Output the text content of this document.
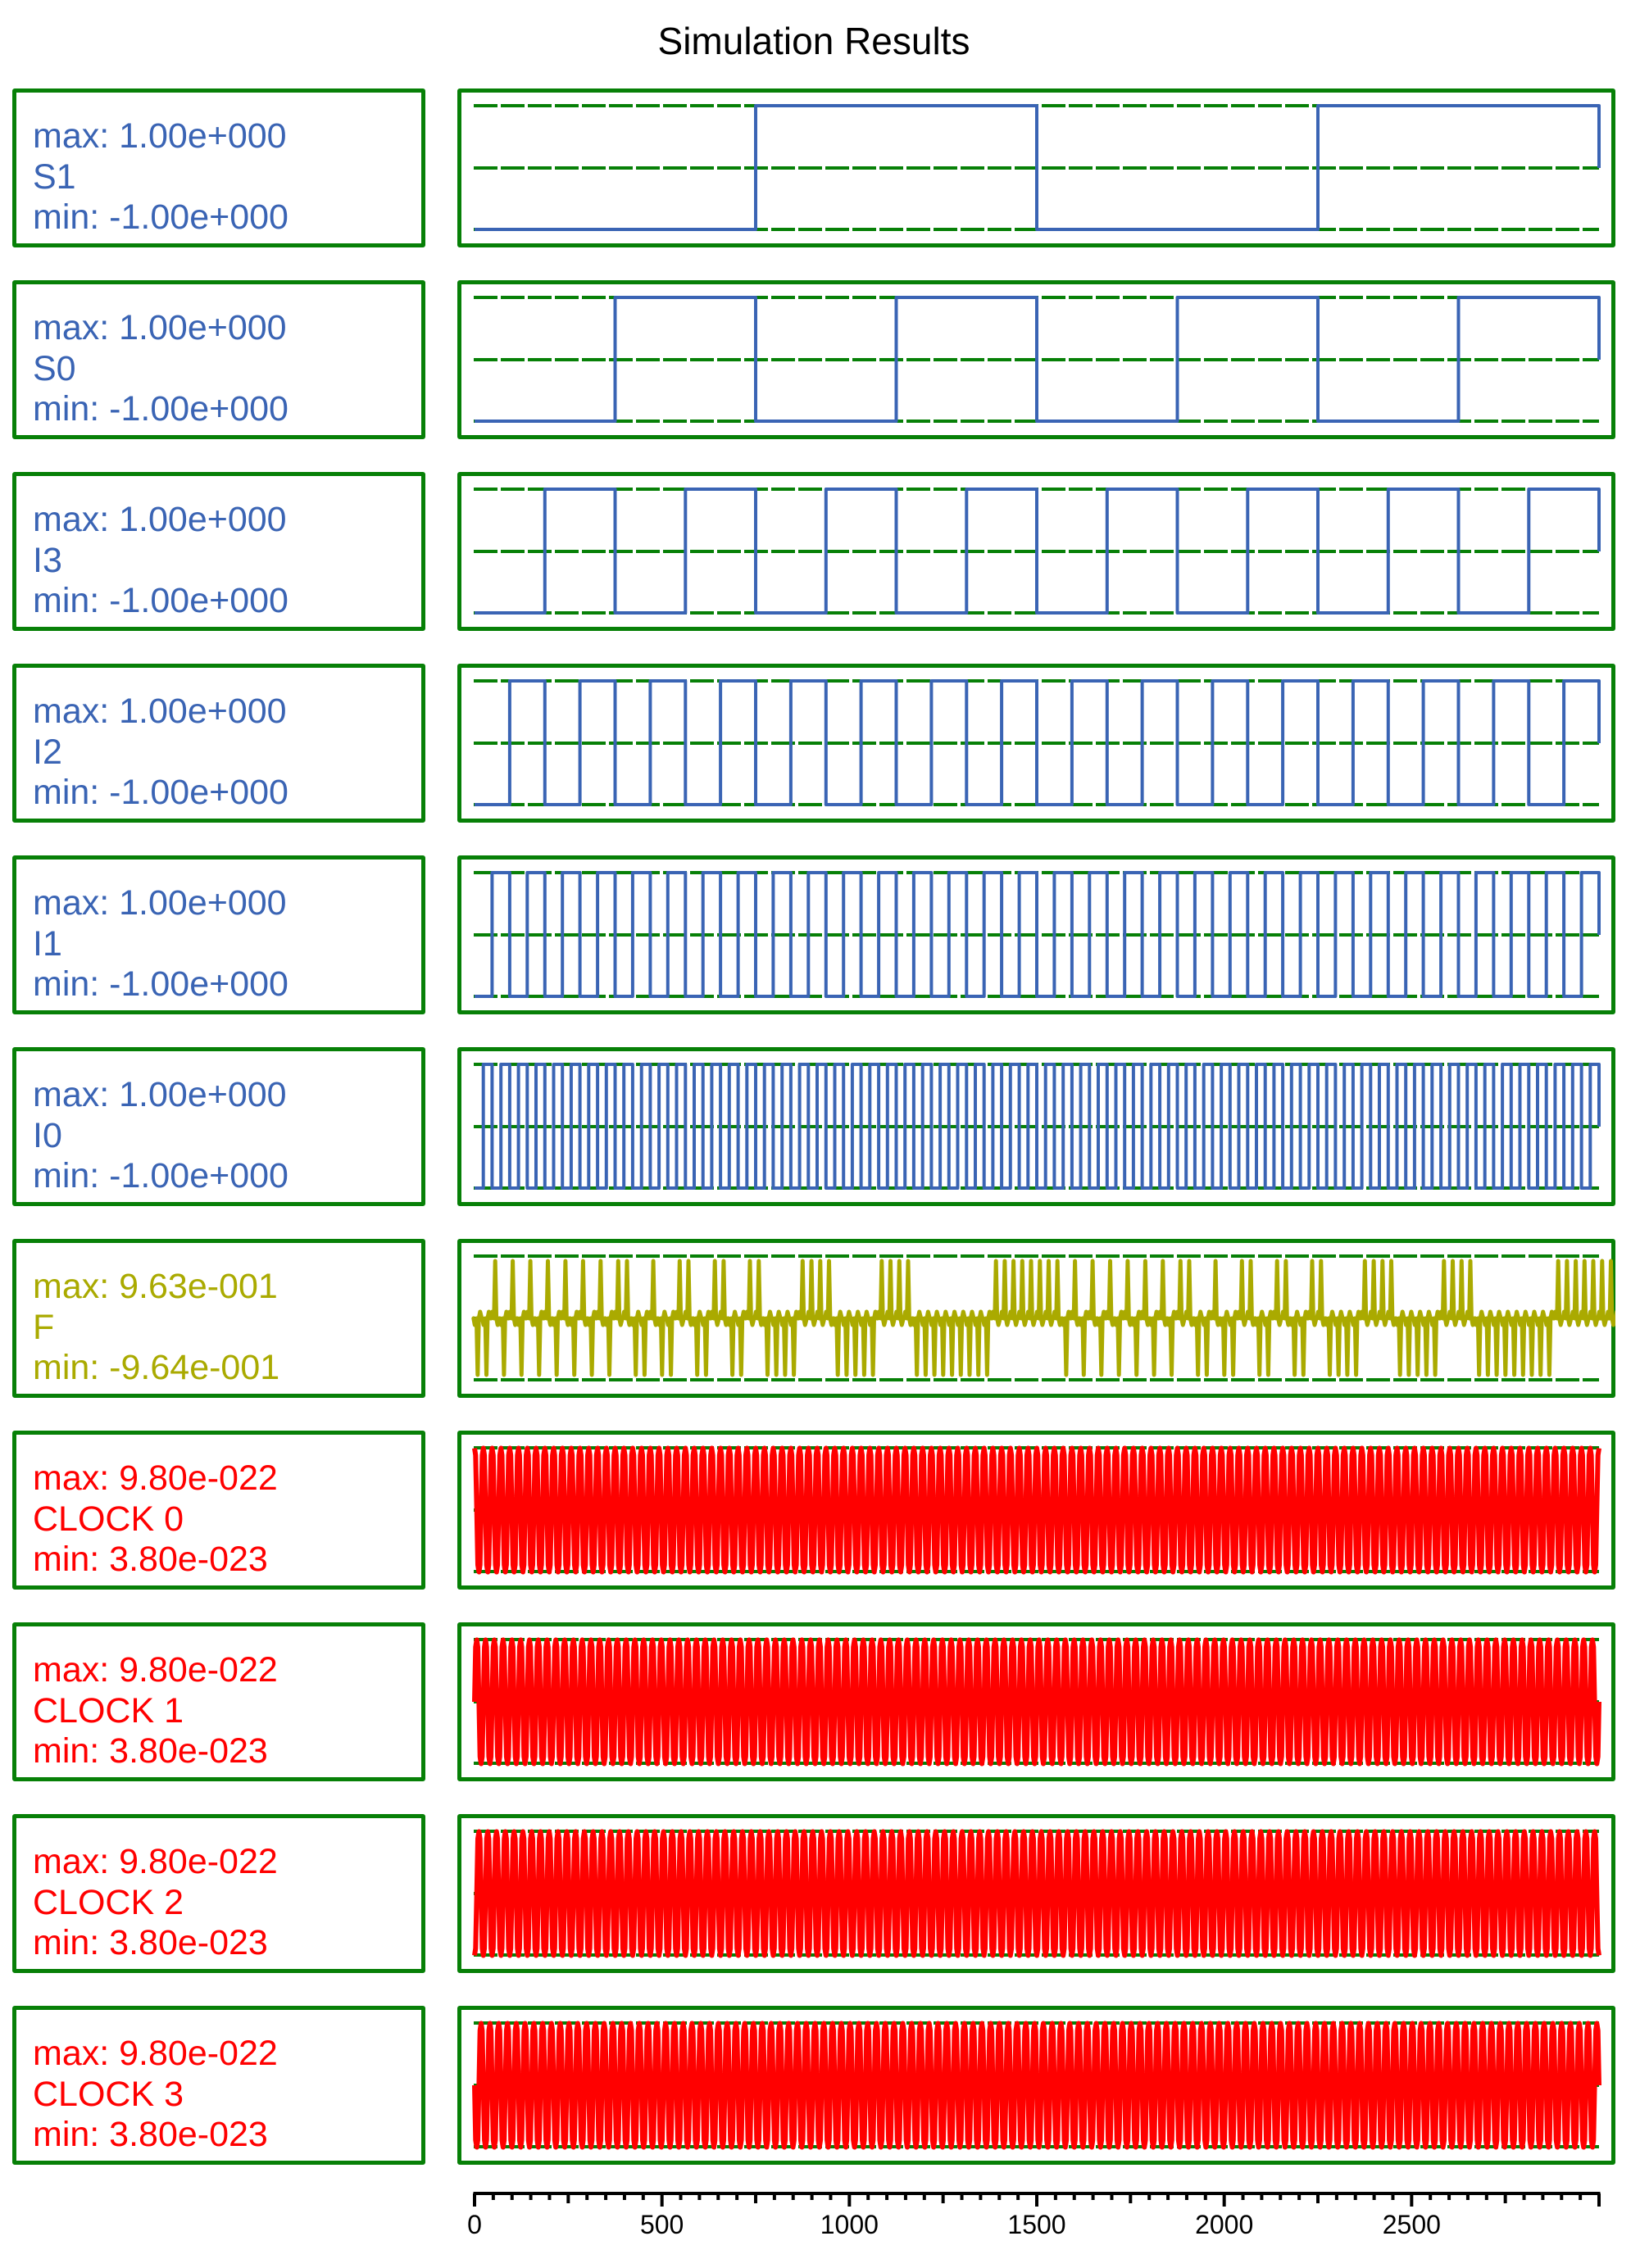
Simulation Results
max: 1.00e+000
S1
min: -1.00e+000
max: 1.00e+000
S0
min: -1.00e+000
max: 1.00e+000
I3
min: -1.00e+000
max: 1.00e+000
I2
min: -1.00e+000
max: 1.00e+000
I1
min: -1.00e+000
max: 1.00e+000
I0
min: -1.00e+000
max: 9.63e-001
F
min: -9.64e-001
max: 9.80e-022
CLOCK 0
min: 3.80e-023
max: 9.80e-022
CLOCK 1
min: 3.80e-023
max: 9.80e-022
CLOCK 2
min: 3.80e-023
max: 9.80e-022
CLOCK 3
min: 3.80e-023
0	500	1000	1500	2000	2500
